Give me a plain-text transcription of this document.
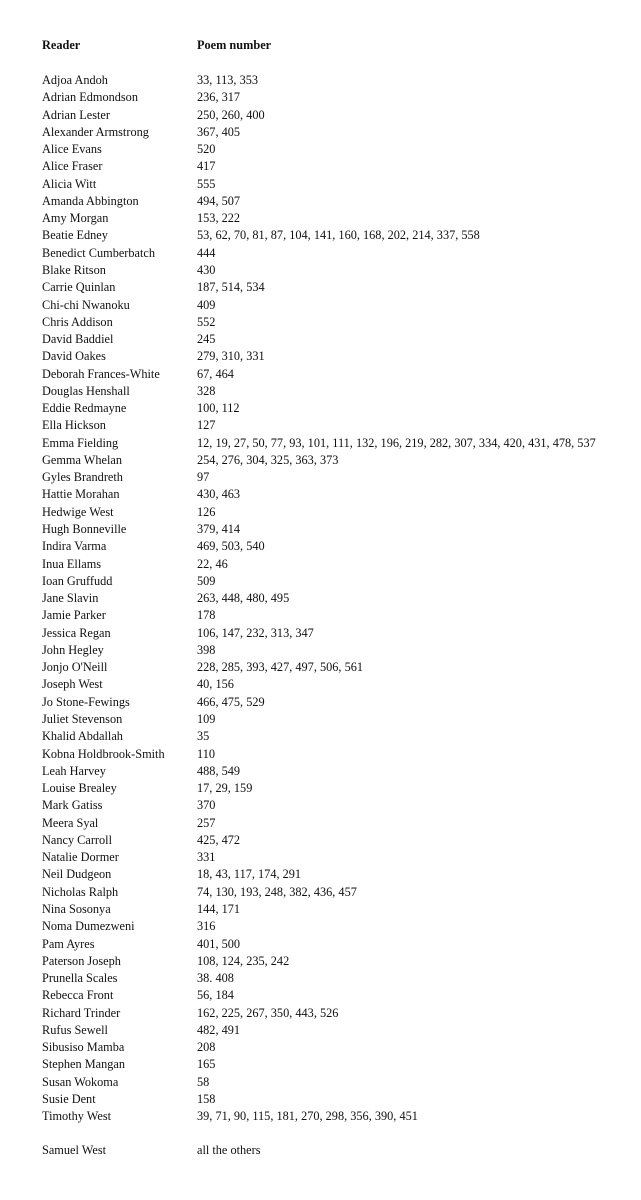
Reader	Poem number
Adjoa Andoh	33, 113, 353
Adrian Edmondson	236, 317
Adrian Lester	250, 260, 400
Alexander Armstrong	367, 405
Alice Evans	520
Alice Fraser	417
Alicia Witt	555
Amanda Abbington	494, 507
Amy Morgan	153, 222
Beatie Edney	53, 62, 70, 81, 87, 104, 141, 160, 168, 202, 214, 337, 558
Benedict Cumberbatch	444
Blake Ritson	430
Carrie Quinlan	187, 514, 534
Chi-chi Nwanoku	409
Chris Addison	552
David Baddiel	245
David Oakes	279, 310, 331
Deborah Frances-White	67, 464
Douglas Henshall	328
Eddie Redmayne	100, 112
Ella Hickson	127
Emma Fielding	12, 19, 27, 50, 77, 93, 101, 111, 132, 196, 219, 282, 307, 334, 420, 431, 478, 537
Gemma Whelan	254, 276, 304, 325, 363, 373
Gyles Brandreth	97
Hattie Morahan	430, 463
Hedwige West	126
Hugh Bonneville	379, 414
Indira Varma	469, 503, 540
Inua Ellams	22, 46
Ioan Gruffudd	509
Jane Slavin	263, 448, 480, 495
Jamie Parker	178
Jessica Regan	106, 147, 232, 313, 347
John Hegley	398
Jonjo O'Neill	228, 285, 393, 427, 497, 506, 561
Joseph West	40, 156
Jo Stone-Fewings	466, 475, 529
Juliet Stevenson	109
Khalid Abdallah	35
Kobna Holdbrook-Smith	110
Leah Harvey	488, 549
Louise Brealey	17, 29, 159
Mark Gatiss	370
Meera Syal	257
Nancy Carroll	425, 472
Natalie Dormer	331
Neil Dudgeon	18, 43, 117, 174, 291
Nicholas Ralph	74, 130, 193, 248, 382, 436, 457
Nina Sosonya	144, 171
Noma Dumezweni	316
Pam Ayres	401, 500
Paterson Joseph	108, 124, 235, 242
Prunella Scales	38. 408
Rebecca Front	56, 184
Richard Trinder	162, 225, 267, 350, 443, 526
Rufus Sewell	482, 491
Sibusiso Mamba	208
Stephen Mangan	165
Susan Wokoma	58
Susie Dent	158
Timothy West	39, 71, 90, 115, 181, 270, 298, 356, 390, 451
Samuel West	all the others
